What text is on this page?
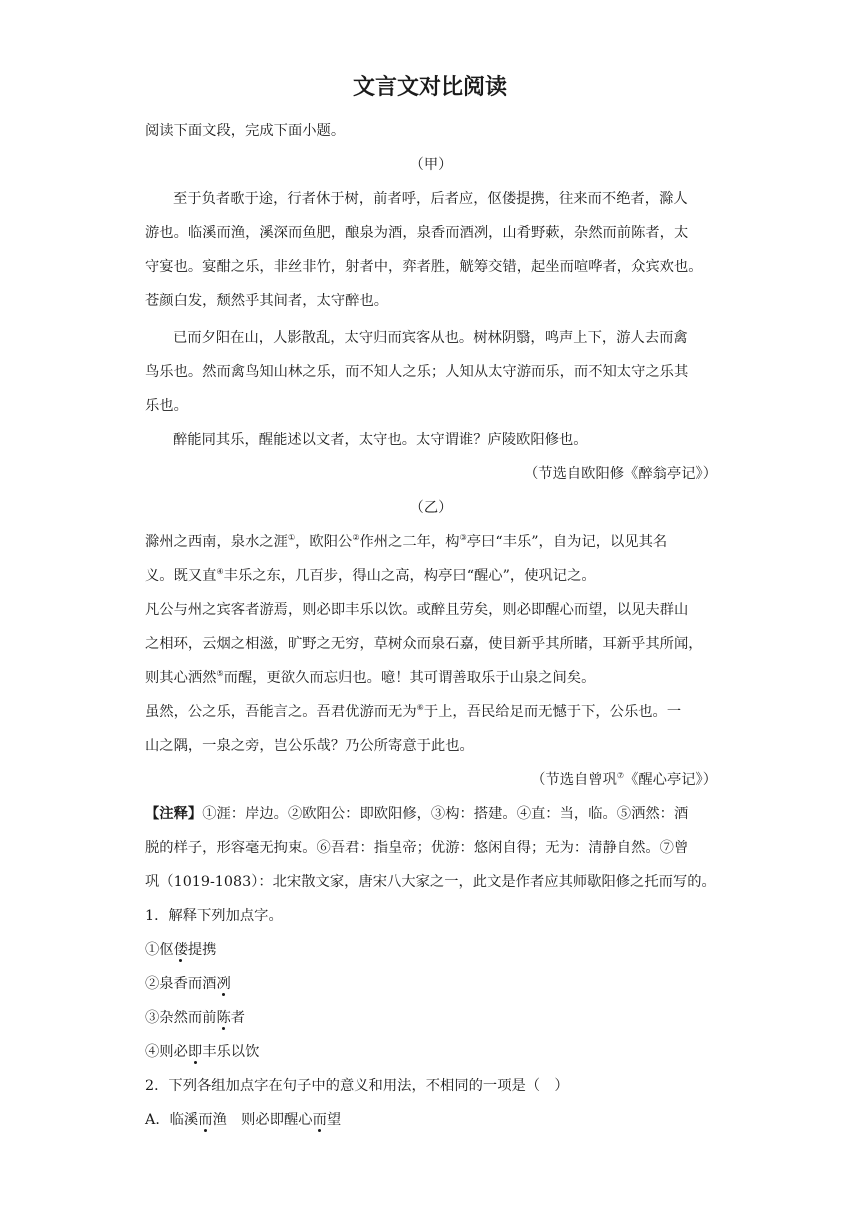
文言文对比阅读
阅读下面文段，完成下面小题。
（甲）
至于负者歌于途，行者休于树，前者呼，后者应，伛偻提携，往来而不绝者，滁人
游也。临溪而渔，溪深而鱼肥，酿泉为酒，泉香而酒冽，山肴野蔌，杂然而前陈者，太
守宴也。宴酣之乐，非丝非竹，射者中，弈者胜，觥筹交错，起坐而喧哗者，众宾欢也。
苍颜白发，颓然乎其间者，太守醉也。
已而夕阳在山，人影散乱，太守归而宾客从也。树林阴翳，鸣声上下，游人去而禽
鸟乐也。然而禽鸟知山林之乐，而不知人之乐；人知从太守游而乐，而不知太守之乐其
乐也。
醉能同其乐，醒能述以文者，太守也。太守谓谁？庐陵欧阳修也。
（节选自欧阳修《醉翁亭记》）
（乙）
滁州之西南，泉水之涯①，欧阳公②作州之二年，构③亭曰“丰乐”，自为记，以见其名
义。既又直④丰乐之东，几百步，得山之高，构亭曰“醒心”，使巩记之。
凡公与州之宾客者游焉，则必即丰乐以饮。或醉且劳矣，则必即醒心而望，以见夫群山
之相环，云烟之相滋，旷野之无穷，草树众而泉石嘉，使目新乎其所睹，耳新乎其所闻，
则其心洒然⑤而醒，更欲久而忘归也。噫！其可谓善取乐于山泉之间矣。
虽然，公之乐，吾能言之。吾君优游而无为⑥于上，吾民给足而无憾于下，公乐也。一
山之隅，一泉之旁，岂公乐哉？乃公所寄意于此也。
（节选自曾巩⑦《醒心亭记》）
【注释】①涯：岸边。②欧阳公：即欧阳修，③构：搭建。④直：当，临。⑤洒然：酒
脱的样子，形容毫无拘束。⑥吾君：指皇帝；优游：悠闲自得；无为：清静自然。⑦曾
巩（1019-1083）：北宋散文家，唐宋八大家之一，此文是作者应其师歇阳修之托而写的。
1．解释下列加点字。
①伛偻提携
②泉香而酒冽
③杂然而前陈者
④则必即丰乐以饮
2．下列各组加点字在句子中的意义和用法，不相同的一项是（　）
A．临溪而渔　则必即醒心而望
